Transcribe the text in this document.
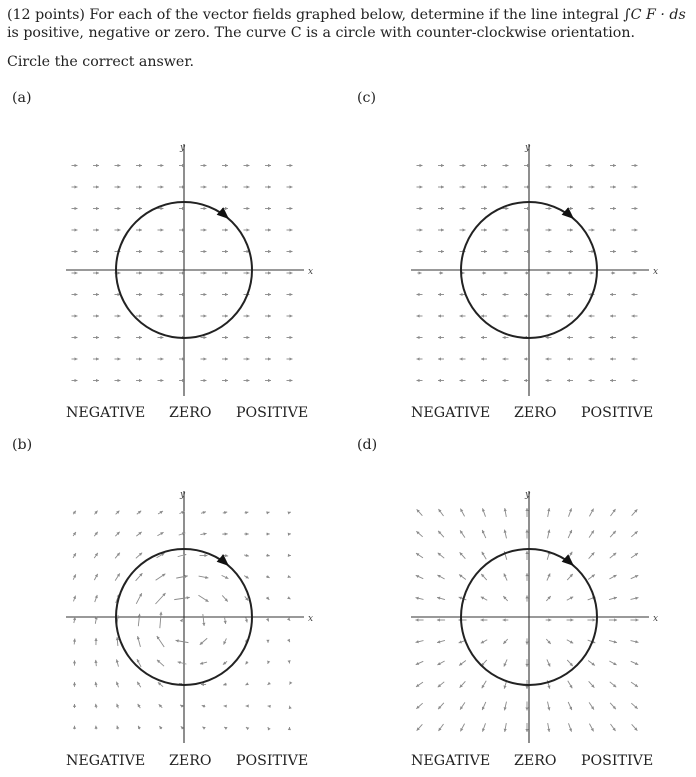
(12 points) For each of the vector fields graphed below, determine if the line integral ∫C F · ds is positive, negative or zero. The curve C is a circle with counter-clockwise orientation.
Circle the correct answer.
(a)
x
y
NEGATIVE ZERO POSITIVE
(c)
x
y
NEGATIVE ZERO POSITIVE
(b)
x
y
NEGATIVE ZERO POSITIVE
(d)
x
y
NEGATIVE ZERO POSITIVE
